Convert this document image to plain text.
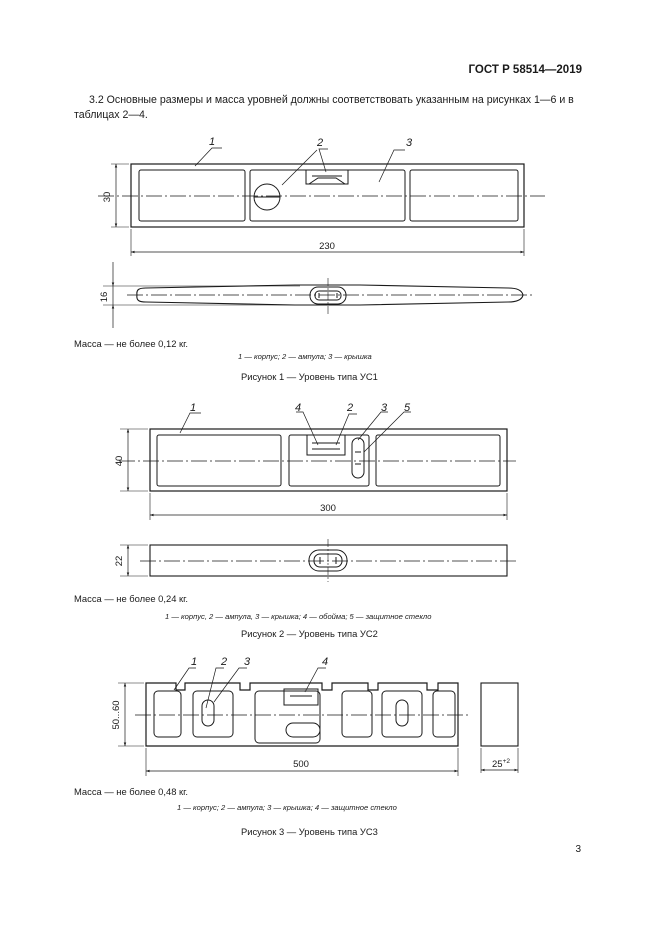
ГОСТ Р 58514—2019
3.2 Основные размеры и масса уровней должны соответствовать указанным на рисунках 1—6 и в таблицах 2—4.
1	2	3
30
230
16
1	4	2	3 5
40
300
22
1 2 3	4
50...60
500	$25^{+2}$
Масса — не более 0,12 кг.
1 — корпус; 2 — ампула; 3 — крышка
Рисунок 1 — Уровень типа УС1
Масса — не более 0,24 кг.
1 — корпус, 2 — ампула, 3 — крышка; 4 — обойма; 5 — защитное стекло
Рисунок 2 — Уровень типа УС2
Масса — не более 0,48 кг.
1 — корпус; 2 — ампула; 3 — крышка; 4 — защитное стекло
Рисунок 3 — Уровень типа УС3
3
